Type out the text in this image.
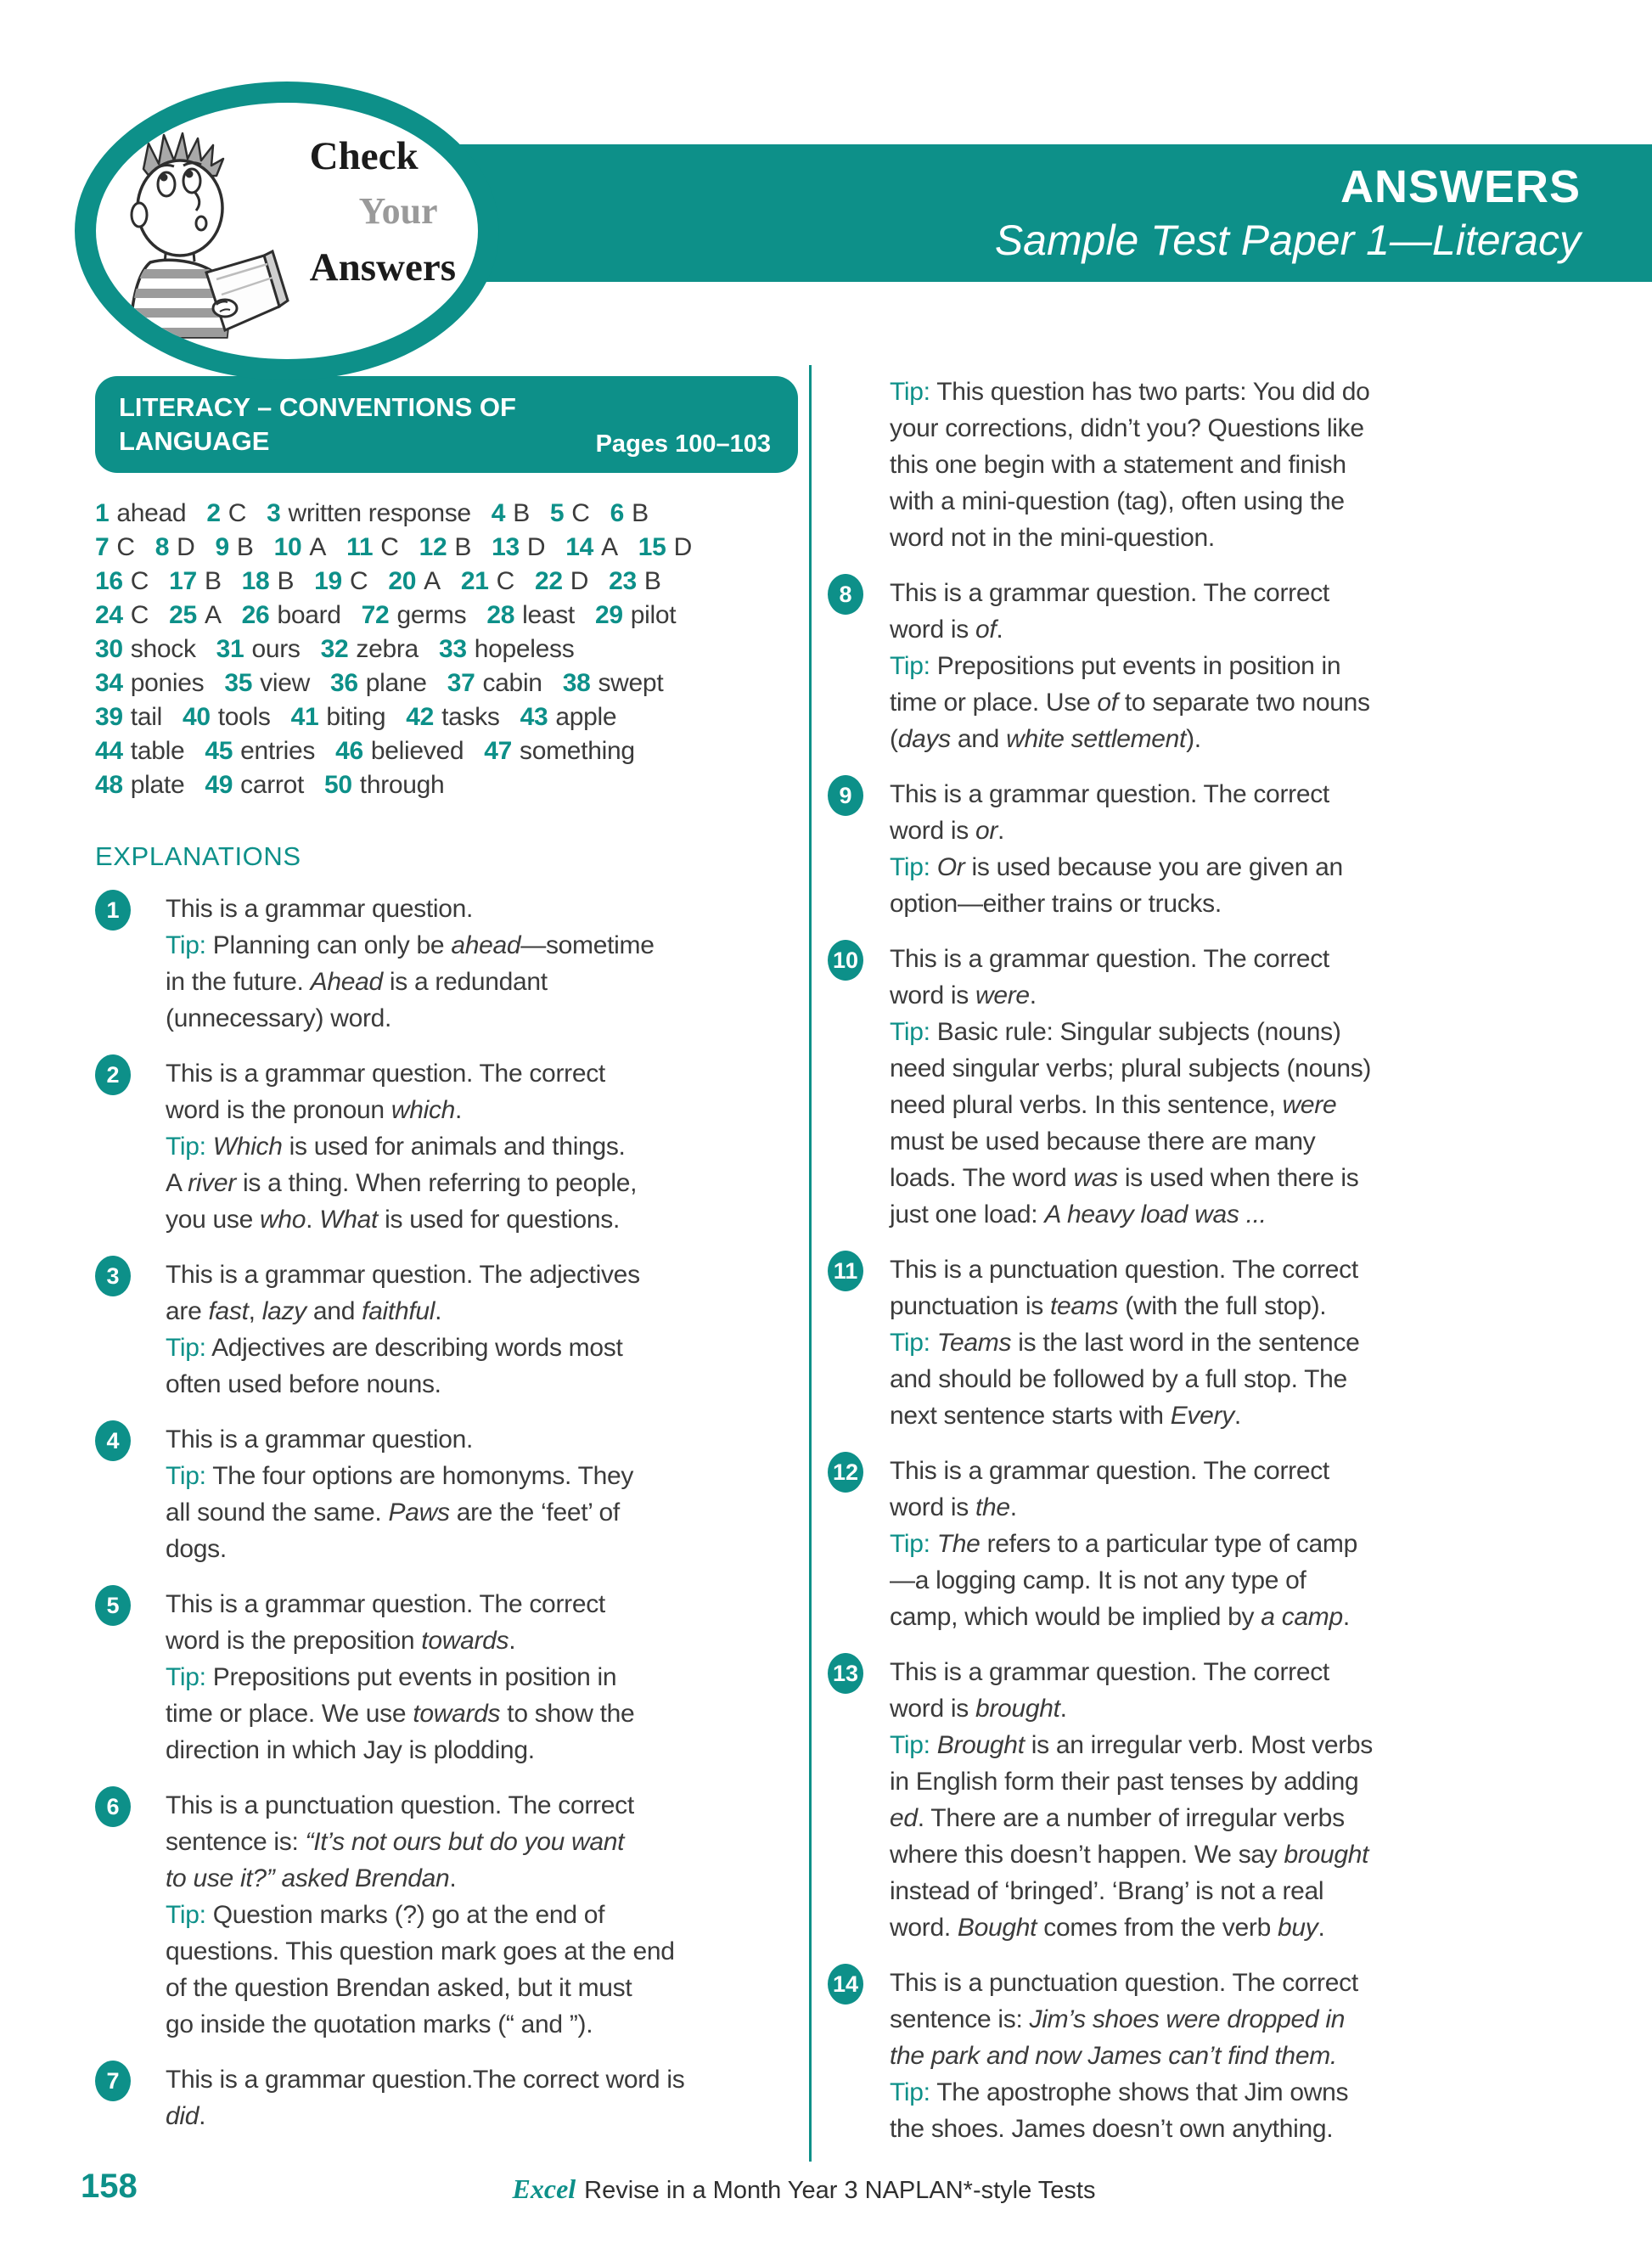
ANSWERS
Sample Test Paper 1—Literacy
Check
Your
Answers
LITERACY – CONVENTIONS OF
LANGUAGE	Pages 100–103
1 ahead 2 C 3 written response 4 B 5 C 6 B
7 C 8 D 9 B 10 A 11 C 12 B 13 D 14 A 15 D
16 C 17 B 18 B 19 C 20 A 21 C 22 D 23 B
24 C 25 A 26 board 72 germs 28 least 29 pilot
30 shock 31 ours 32 zebra 33 hopeless
34 ponies 35 view 36 plane 37 cabin 38 swept
39 tail 40 tools 41 biting 42 tasks 43 apple
44 table 45 entries 46 believed 47 something
48 plate 49 carrot 50 through
EXPLANATIONS
1	This is a grammar question.
Tip: Planning can only be ahead—sometime
in the future. Ahead is a redundant
(unnecessary) word.
2	This is a grammar question. The correct
word is the pronoun which.
Tip: Which is used for animals and things.
A river is a thing. When referring to people,
you use who. What is used for questions.
3	This is a grammar question. The adjectives
are fast, lazy and faithful.
Tip: Adjectives are describing words most
often used before nouns.
4	This is a grammar question.
Tip: The four options are homonyms. They
all sound the same. Paws are the ‘feet’ of
dogs.
5	This is a grammar question. The correct
word is the preposition towards.
Tip: Prepositions put events in position in
time or place. We use towards to show the
direction in which Jay is plodding.
6	This is a punctuation question. The correct
sentence is: “It’s not ours but do you want
to use it?” asked Brendan.
Tip: Question marks (?) go at the end of
questions. This question mark goes at the end
of the question Brendan asked, but it must
go inside the quotation marks (“ and ”).
7	This is a grammar question.The correct word is
did.
Tip: This question has two parts: You did do
your corrections, didn’t you? Questions like
this one begin with a statement and finish
with a mini-question (tag), often using the
word not in the mini-question.
8	This is a grammar question. The correct
word is of.
Tip: Prepositions put events in position in
time or place. Use of to separate two nouns
(days and white settlement).
9	This is a grammar question. The correct
word is or.
Tip: Or is used because you are given an
option—either trains or trucks.
10 This is a grammar question. The correct
word is were.
Tip: Basic rule: Singular subjects (nouns)
need singular verbs; plural subjects (nouns)
need plural verbs. In this sentence, were
must be used because there are many
loads. The word was is used when there is
just one load: A heavy load was ...
11 This is a punctuation question. The correct
punctuation is teams (with the full stop).
Tip: Teams is the last word in the sentence
and should be followed by a full stop. The
next sentence starts with Every.
12 This is a grammar question. The correct
word is the.
Tip: The refers to a particular type of camp
—a logging camp. It is not any type of
camp, which would be implied by a camp.
13 This is a grammar question. The correct
word is brought.
Tip: Brought is an irregular verb. Most verbs
in English form their past tenses by adding
ed. There are a number of irregular verbs
where this doesn’t happen. We say brought
instead of ‘bringed’. ‘Brang’ is not a real
word. Bought comes from the verb buy.
14 This is a punctuation question. The correct
sentence is: Jim’s shoes were dropped in
the park and now James can’t find them.
Tip: The apostrophe shows that Jim owns
the shoes. James doesn’t own anything.
158	Excel Revise in a Month Year 3 NAPLAN*-style Tests
